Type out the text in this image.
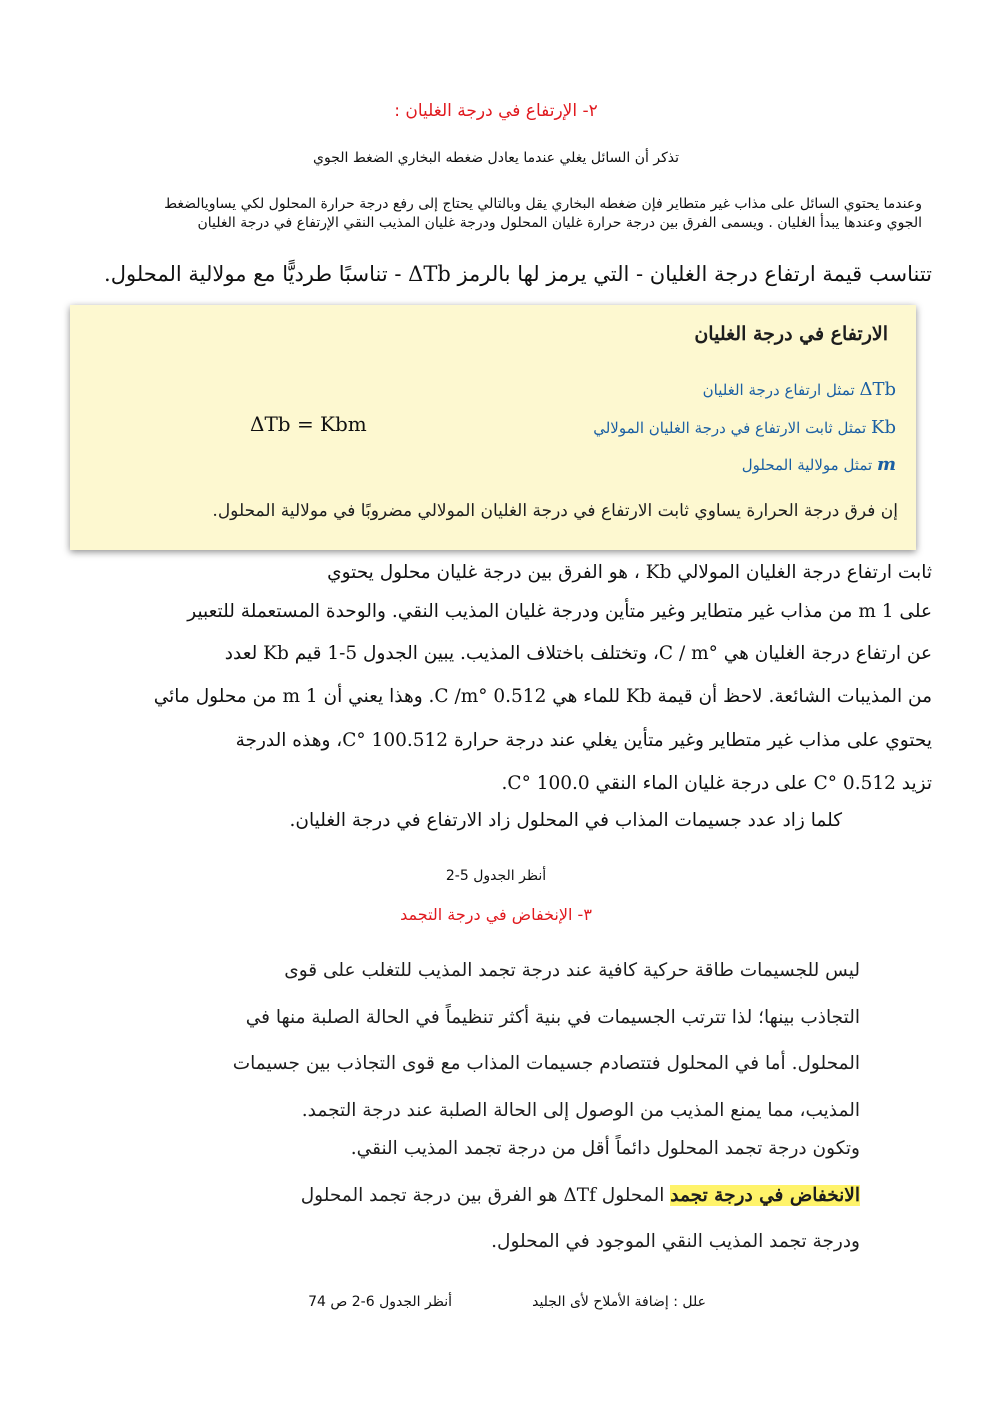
٢- الإرتفاع في درجة الغليان :
تذكر أن السائل يغلي عندما يعادل ضغطه البخاري الضغط الجوي
وعندما يحتوي السائل على مذاب غير متطاير فإن ضغطه البخاري يقل وبالتالي يحتاج إلى رفع درجة حرارة المحلول لكي يساويالضغط
الجوي وعندها يبدأ الغليان . ويسمى الفرق بين درجة حرارة غليان المحلول ودرجة غليان المذيب النقي الإرتفاع في درجة الغليان
تتناسب قيمة ارتفاع درجة الغليان - التي يرمز لها بالرمز ΔTb - تناسبًا طرديًّا مع مولالية المحلول.
الارتفاع في درجة الغليان
ΔTb تمثل ارتفاع درجة الغليان
Kb تمثل ثابت الارتفاع في درجة الغليان المولالي
m تمثل مولالية المحلول
ΔTb = Kbm
إن فرق درجة الحرارة يساوي ثابت الارتفاع في درجة الغليان المولالي مضروبًا في مولالية المحلول.
ثابت ارتفاع درجة الغليان المولالي Kb ، هو الفرق بين درجة غليان محلول يحتوي
على 1 m من مذاب غير متطاير وغير متأين ودرجة غليان المذيب النقي. والوحدة المستعملة للتعبير
عن ارتفاع درجة الغليان هي °C / m، وتختلف باختلاف المذيب. يبين الجدول 5-1 قيم Kb لعدد
من المذيبات الشائعة. لاحظ أن قيمة Kb للماء هي 0.512 °C /m. وهذا يعني أن 1 m من محلول مائي
يحتوي على مذاب غير متطاير وغير متأين يغلي عند درجة حرارة 100.512 °C، وهذه الدرجة
تزيد 0.512 °C على درجة غليان الماء النقي 100.0 °C.
كلما زاد عدد جسيمات المذاب في المحلول زاد الارتفاع في درجة الغليان.
أنظر الجدول 5-2
٣- الإنخفاض في درجة التجمد
ليس للجسيمات طاقة حركية كافية عند درجة تجمد المذيب للتغلب على قوى
التجاذب بينها؛ لذا تترتب الجسيمات في بنية أكثر تنظيماً في الحالة الصلبة منها في
المحلول. أما في المحلول فتتصادم جسيمات المذاب مع قوى التجاذب بين جسيمات
المذيب، مما يمنع المذيب من الوصول إلى الحالة الصلبة عند درجة التجمد.
وتكون درجة تجمد المحلول دائماً أقل من درجة تجمد المذيب النقي.
الانخفاض في درجة تجمد المحلول ΔTf هو الفرق بين درجة تجمد المحلول
ودرجة تجمد المذيب النقي الموجود في المحلول.
علل : إضافة الأملاح لأى الجليد
أنظر الجدول 6-2 ص 74
